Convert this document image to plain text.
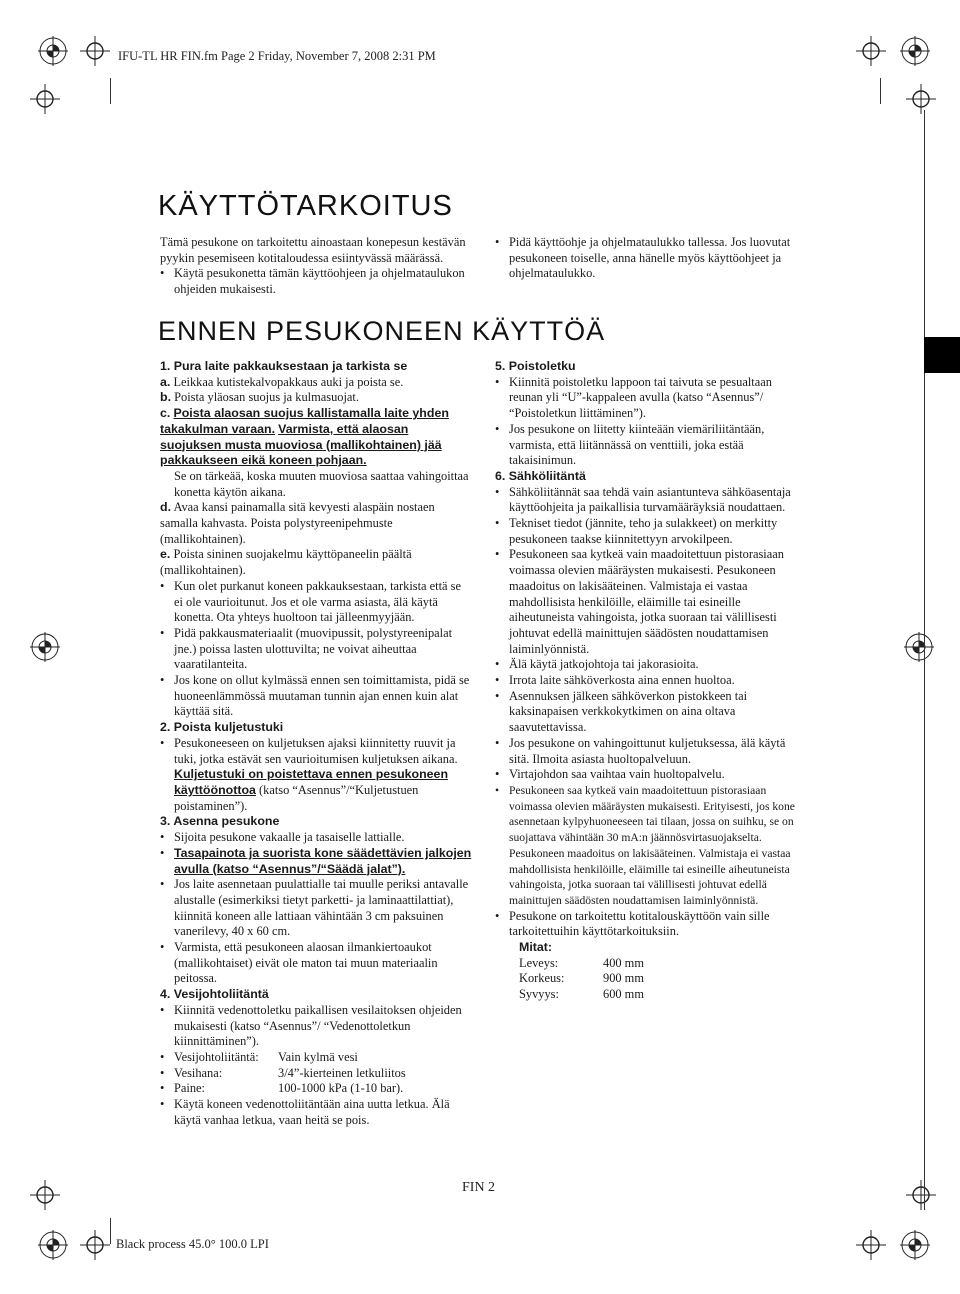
IFU-TL HR FIN.fm Page 2 Friday, November 7, 2008 2:31 PM
Black process 45.0° 100.0 LPI
KÄYTTÖTARKOITUS

Tämä pesukone on tarkoitettu ainoastaan konepesun kestävän pyykin pesemiseen kotitaloudessa esiintyvässä määrässä.

• Käytä pesukonetta tämän käyttöohjeen ja ohjelmataulukon ohjeiden mukaisesti.

• Pidä käyttöohje ja ohjelmataulukko tallessa. Jos luovutat pesukoneen toiselle, anna hänelle myös käyttöohjeet ja ohjelmataulukko.

ENNEN PESUKONEEN KÄYTTÖÄ

1. Pura laite pakkauksestaan ja tarkista se

a. Leikkaa kutistekalvopakkaus auki ja poista se.

b. Poista yläosan suojus ja kulmasuojat.

c. Poista alaosan suojus kallistamalla laite yhden takakulman varaan. Varmista, että alaosan suojuksen musta muoviosa (mallikohtainen) jää pakkaukseen eikä koneen pohjaan.

Se on tärkeää, koska muuten muoviosa saattaa vahingoittaa konetta käytön aikana.

d. Avaa kansi painamalla sitä kevyesti alaspäin nostaen samalla kahvasta. Poista polystyreenipehmuste (mallikohtainen).

e. Poista sininen suojakelmu käyttöpaneelin päältä (mallikohtainen).

• Kun olet purkanut koneen pakkauksestaan, tarkista että se ei ole vaurioitunut. Jos et ole varma asiasta, älä käytä konetta. Ota yhteys huoltoon tai jälleenmyyjään.

• Pidä pakkausmateriaalit (muovipussit, polystyreenipalat jne.) poissa lasten ulottuvilta; ne voivat aiheuttaa vaaratilanteita.

• Jos kone on ollut kylmässä ennen sen toimittamista, pidä se huoneenlämmössä muutaman tunnin ajan ennen kuin alat käyttää sitä.

2. Poista kuljetustuki

• Pesukoneeseen on kuljetuksen ajaksi kiinnitetty ruuvit ja tuki, jotka estävät sen vaurioitumisen kuljetuksen aikana. Kuljetustuki on poistettava ennen pesukoneen käyttöönottoa (katso “Asennus”/“Kuljetustuen poistaminen”).

3. Asenna pesukone

• Sijoita pesukone vakaalle ja tasaiselle lattialle.

• Tasapainota ja suorista kone säädettävien jalkojen avulla (katso “Asennus”/“Säädä jalat”).

• Jos laite asennetaan puulattialle tai muulle periksi antavalle alustalle (esimerkiksi tietyt parketti- ja laminaattilattiat), kiinnitä koneen alle lattiaan vähintään 3 cm paksuinen vanerilevy, 40 x 60 cm.

• Varmista, että pesukoneen alaosan ilmankiertoaukot (mallikohtaiset) eivät ole maton tai muun materiaalin peitossa.

4. Vesijohtoliitäntä

• Kiinnitä vedenottoletku paikallisen vesilaitoksen ohjeiden mukaisesti (katso “Asennus”/ “Vedenottoletkun kiinnittäminen”).

• Vesijohtoliitäntä:	Vain kylmä vesi

• Vesihana:	3/4”-kierteinen letkuliitos

• Paine:	100-1000 kPa (1-10 bar).

• Käytä koneen vedenottoliitäntään aina uutta letkua. Älä käytä vanhaa letkua, vaan heitä se pois.

5. Poistoletku

• Kiinnitä poistoletku lappoon tai taivuta se pesualtaan reunan yli “U”-kappaleen avulla (katso “Asennus”/ “Poistoletkun liittäminen”).

• Jos pesukone on liitetty kiinteään viemäriliitäntään, varmista, että liitännässä on venttiili, joka estää takaisinimun.

6. Sähköliitäntä

• Sähköliitännät saa tehdä vain asiantunteva sähköasentaja käyttöohjeita ja paikallisia turvamääräyksiä noudattaen.

• Tekniset tiedot (jännite, teho ja sulakkeet) on merkitty pesukoneen taakse kiinnitettyyn arvokilpeen.

• Pesukoneen saa kytkeä vain maadoitettuun pistorasiaan voimassa olevien määräysten mukaisesti. Pesukoneen maadoitus on lakisääteinen. Valmistaja ei vastaa mahdollisista henkilöille, eläimille tai esineille aiheutuneista vahingoista, jotka suoraan tai välillisesti johtuvat edellä mainittujen säädösten noudattamisen laiminlyönnistä.

• Älä käytä jatkojohtoja tai jakorasioita.

• Irrota laite sähköverkosta aina ennen huoltoa.

• Asennuksen jälkeen sähköverkon pistokkeen tai kaksinapaisen verkkokytkimen on aina oltava saavutettavissa.

• Jos pesukone on vahingoittunut kuljetuksessa, älä käytä sitä. Ilmoita asiasta huoltopalveluun.

• Virtajohdon saa vaihtaa vain huoltopalvelu.

• Pesukoneen saa kytkeä vain maadoitettuun pistorasiaan voimassa olevien määräysten mukaisesti. Erityisesti, jos kone asennetaan kylpyhuoneeseen tai tilaan, jossa on suihku, se on suojattava vähintään 30 mA:n jäännösvirtasuojakselta. Pesukoneen maadoitus on lakisääteinen. Valmistaja ei vastaa mahdollisista henkilöille, eläimille tai esineille aiheutuneista vahingoista, jotka suoraan tai välillisesti johtuvat edellä mainittujen säädösten noudattamisen laiminlyönnistä.

• Pesukone on tarkoitettu kotitalouskäyttöön vain sille tarkoitettuihin käyttötarkoituksiin.

Mitat:

Leveys:	400 mm
Korkeus:	900 mm
Syvyys:	600 mm
FIN 2
